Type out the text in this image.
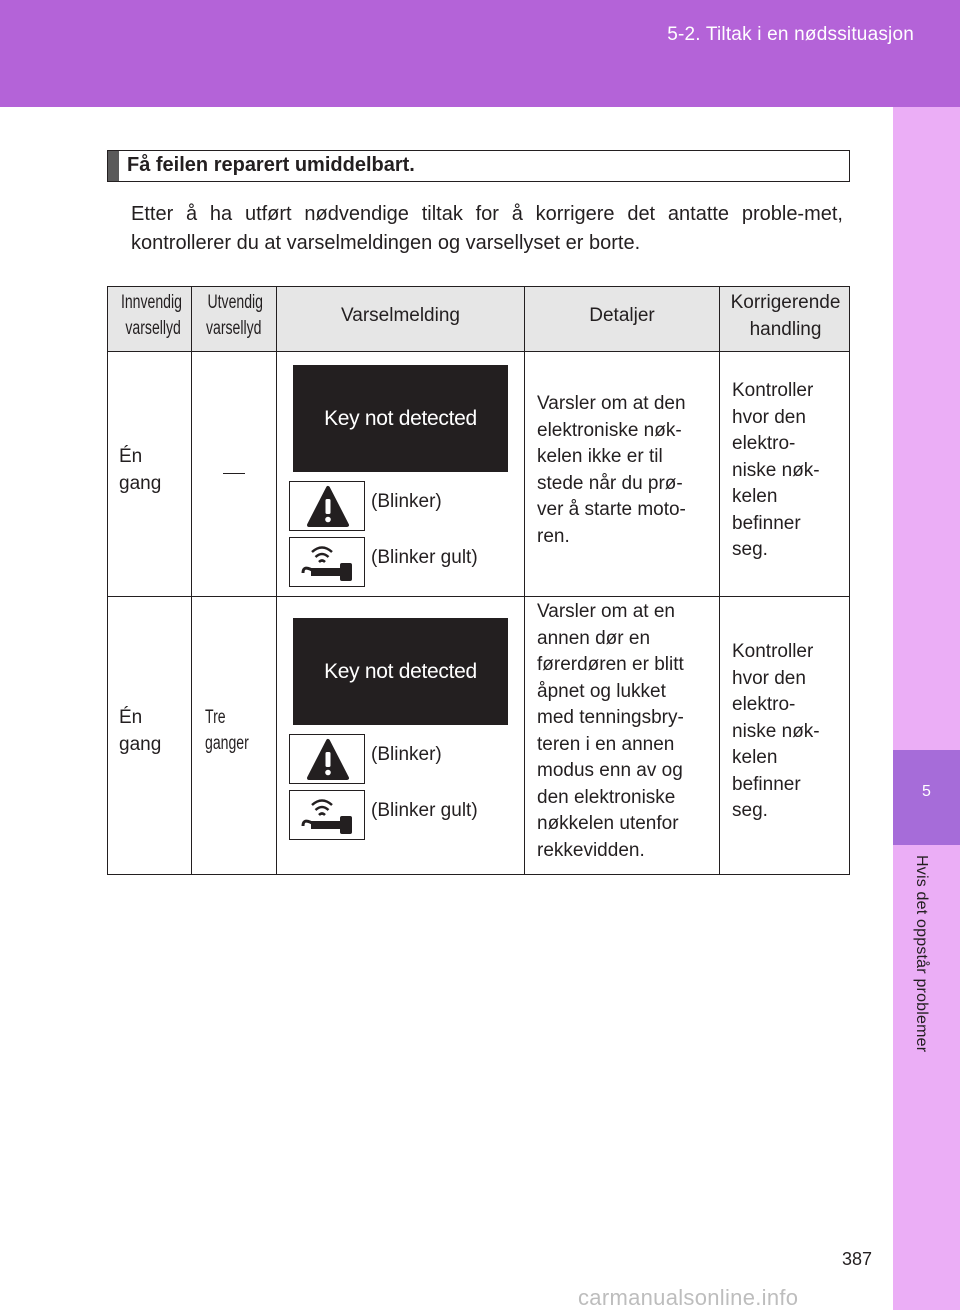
5-2. Tiltak i en nødssituasjon
5
Hvis det oppstår problemer
Få feilen reparert umiddelbart.

Etter å ha utført nødvendige tiltak for å korrigere det antatte proble-met, kontrollerer du at varselmeldingen og varsellyset er borte.

Innvendig
varsellyd
Utvendig
varsellyd
Varselmelding	Detaljer
Korrigerende
handling
Én
gang
Key not detected
(Blinker)
(Blinker gult)
Varsler om at den
elektroniske nøk-
kelen ikke er til
stede når du prø-
ver å starte moto-
ren.
Kontroller
hvor den
elektro-
niske nøk-
kelen
befinner
seg.
Én
gang
Tre
ganger
Key not detected
(Blinker)
(Blinker gult)
Varsler om at en
annen dør en
førerdøren er blitt
åpnet og lukket
med tenningsbry-
teren i en annen
modus enn av og
den elektroniske
nøkkelen utenfor
rekkevidden.
Kontroller
hvor den
elektro-
niske nøk-
kelen
befinner
seg.
387
carmanualsonline.info
